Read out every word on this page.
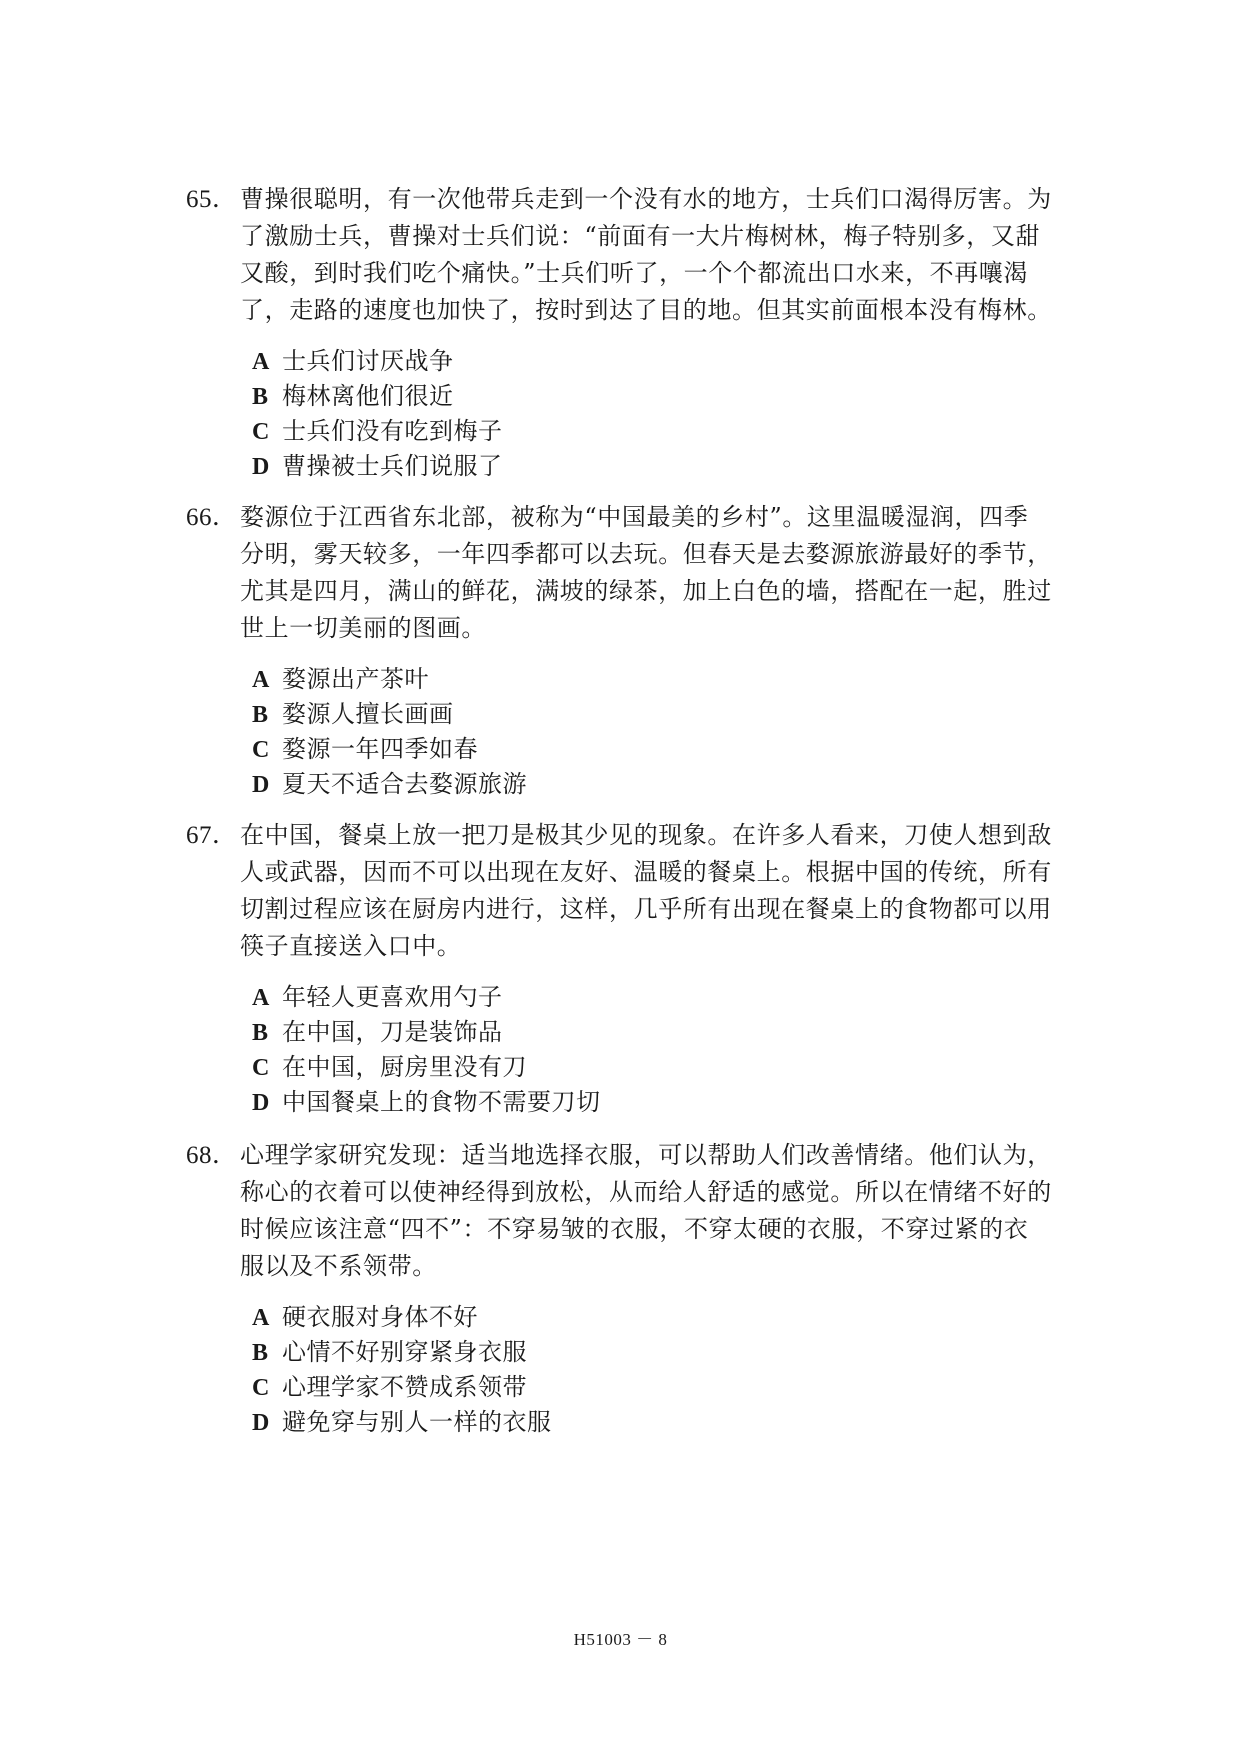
65． 曹操很聪明，有一次他带兵走到一个没有水的地方，士兵们口渴得厉害。为
了激励士兵，曹操对士兵们说：“前面有一大片梅树林，梅子特别多，又甜
又酸，到时我们吃个痛快。”士兵们听了，一个个都流出口水来，不再嚷渴
了，走路的速度也加快了，按时到达了目的地。但其实前面根本没有梅林。
A 士兵们讨厌战争
B 梅林离他们很近
C 士兵们没有吃到梅子
D 曹操被士兵们说服了
66． 婺源位于江西省东北部，被称为“中国最美的乡村”。这里温暖湿润，四季
分明，雾天较多，一年四季都可以去玩。但春天是去婺源旅游最好的季节，
尤其是四月，满山的鲜花，满坡的绿茶，加上白色的墙，搭配在一起，胜过
世上一切美丽的图画。
A 婺源出产茶叶
B 婺源人擅长画画
C 婺源一年四季如春
D 夏天不适合去婺源旅游
67． 在中国，餐桌上放一把刀是极其少见的现象。在许多人看来，刀使人想到敌
人或武器，因而不可以出现在友好、温暖的餐桌上。根据中国的传统，所有
切割过程应该在厨房内进行，这样，几乎所有出现在餐桌上的食物都可以用
筷子直接送入口中。
A 年轻人更喜欢用勺子
B 在中国，刀是装饰品
C 在中国，厨房里没有刀
D 中国餐桌上的食物不需要刀切
68． 心理学家研究发现：适当地选择衣服，可以帮助人们改善情绪。他们认为，
称心的衣着可以使神经得到放松，从而给人舒适的感觉。所以在情绪不好的
时候应该注意“四不”：不穿易皱的衣服，不穿太硬的衣服，不穿过紧的衣
服以及不系领带。
A 硬衣服对身体不好
B 心情不好别穿紧身衣服
C 心理学家不赞成系领带
D 避免穿与别人一样的衣服
H51003 － 8
